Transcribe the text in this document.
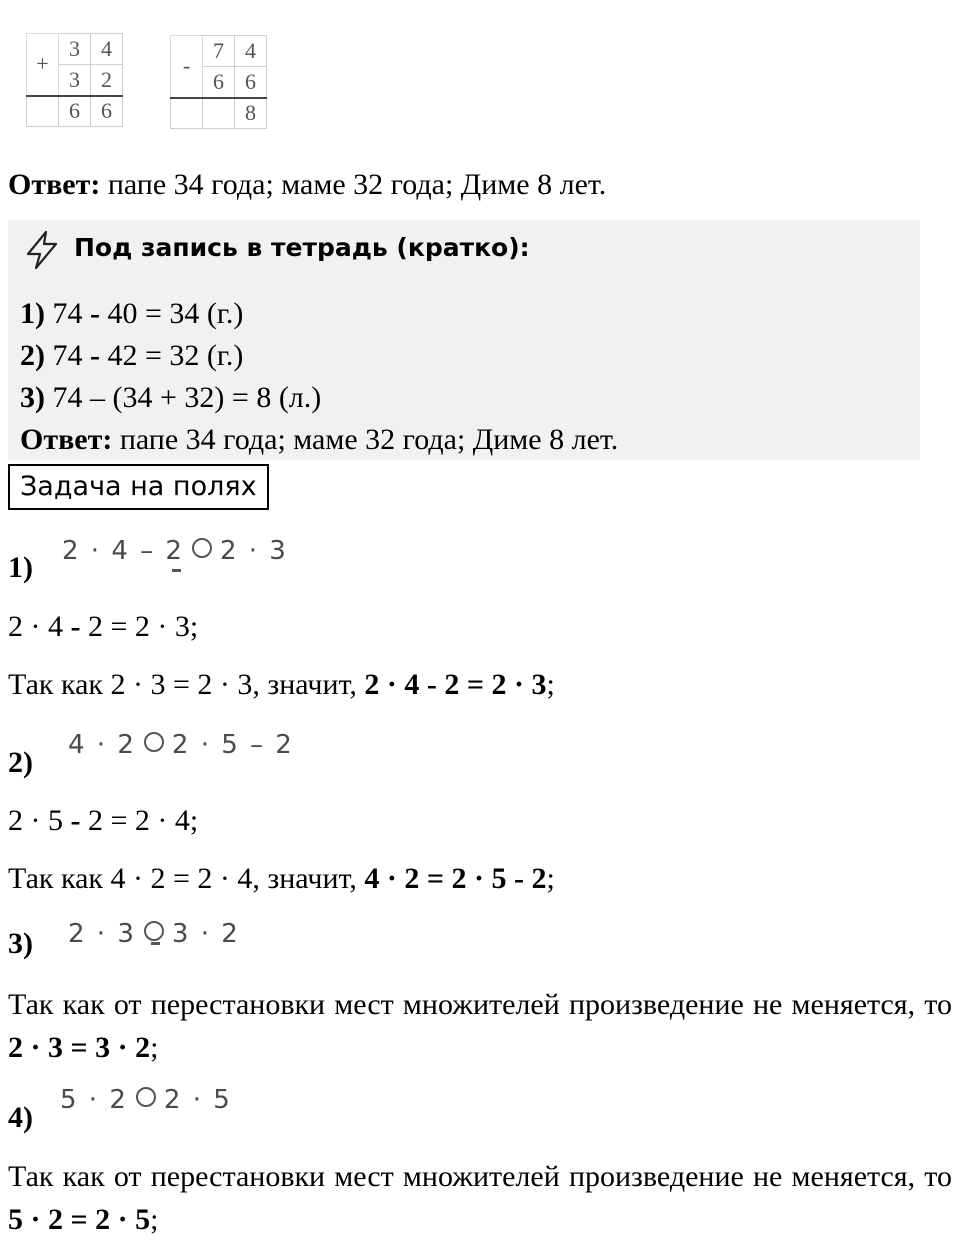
+	3	4
	3	2
	6	6
-	7	4
	6	6
		8
Ответ: папе 34 года; маме 32 года; Диме 8 лет.
Под запись в тетрадь (кратко):
1) 74 - 40 = 34 (г.)
2) 74 - 42 = 32 (г.)
3) 74 – (34 + 32) = 8 (л.)
Ответ: папе 34 года; маме 32 года; Диме 8 лет.
Задача на полях
1) 2 · 4 – 2 2 · 3
2 · 4 - 2 = 2 · 3;
Так как 2 · 3 = 2 · 3, значит, 2 · 4 - 2 = 2 · 3;
2)
4 · 2 2 · 5 – 2
2 · 5 - 2 = 2 · 4;
Так как 4 · 2 = 2 · 4, значит, 4 · 2 = 2 · 5 - 2;
3) 2 · 3 3 · 2
Так как от перестановки мест множителей произведение не меняется, то 2 · 3 = 3 · 2;
4)
5 · 2 2 · 5
Так как от перестановки мест множителей произведение не меняется, то 5 · 2 = 2 · 5;
